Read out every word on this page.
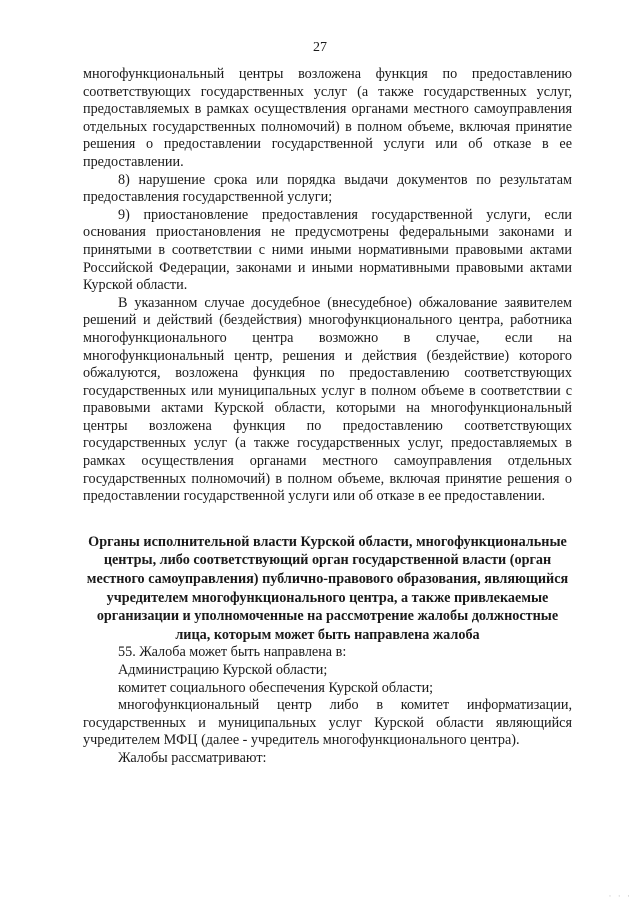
27

многофункциональный центры возложена функция по предоставлению соответствующих государственных услуг (а также государственных услуг, предоставляемых в рамках осуществления органами местного самоуправления отдельных государственных полномочий) в полном объеме, включая принятие решения о предоставлении государственной услуги или об отказе в ее предоставлении.

8) нарушение срока или порядка выдачи документов по результатам предоставления государственной услуги;

9) приостановление предоставления государственной услуги, если основания приостановления не предусмотрены федеральными законами и принятыми в соответствии с ними иными нормативными правовыми актами Российской Федерации, законами и иными нормативными правовыми актами Курской области.

В указанном случае досудебное (внесудебное) обжалование заявителем решений и действий (бездействия) многофункционального центра, работника многофункционального центра возможно в случае, если на многофункциональный центр, решения и действия (бездействие) которого обжалуются, возложена функция по предоставлению соответствующих государственных или муниципальных услуг в полном объеме в соответствии с правовыми актами Курской области, которыми на многофункциональный центры возложена функция по предоставлению соответствующих государственных услуг (а также государственных услуг, предоставляемых в рамках осуществления органами местного самоуправления отдельных государственных полномочий) в полном объеме, включая принятие решения о предоставлении государственной услуги или об отказе в ее предоставлении.

Органы исполнительной власти Курской области, многофункциональные центры, либо соответствующий орган государственной власти (орган местного самоуправления) публично-правового образования, являющийся учредителем многофункционального центра, а также привлекаемые организации и уполномоченные на рассмотрение жалобы должностные лица, которым может быть направлена жалоба

55. Жалоба может быть направлена в:

Администрацию Курской области;

комитет социального обеспечения Курской области;

многофункциональный центр либо в комитет информатизации, государственных и муниципальных услуг Курской области являющийся учредителем МФЦ (далее - учредитель многофункционального центра).

Жалобы рассматривают:

· · ·
